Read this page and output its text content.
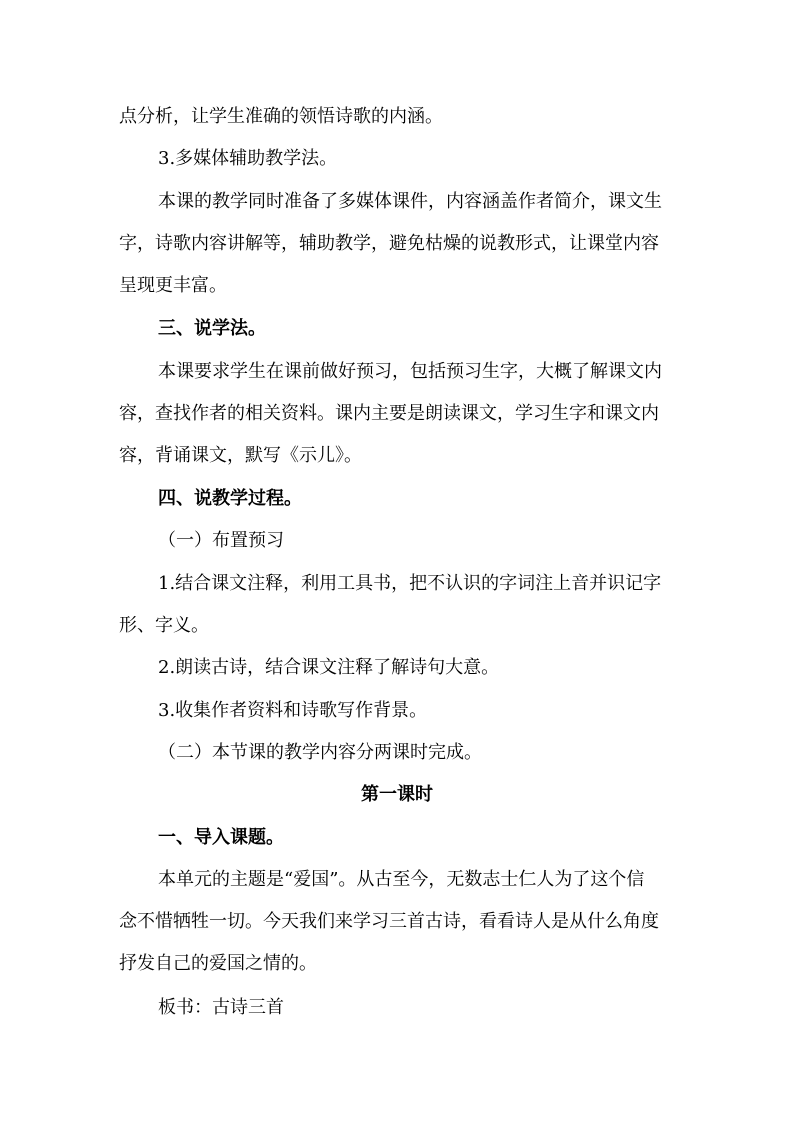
点分析，让学生准确的领悟诗歌的内涵。

3.多媒体辅助教学法。

本课的教学同时准备了多媒体课件，内容涵盖作者简介，课文生
字，诗歌内容讲解等，辅助教学，避免枯燥的说教形式，让课堂内容
呈现更丰富。

三、说学法。

本课要求学生在课前做好预习，包括预习生字，大概了解课文内
容，查找作者的相关资料。课内主要是朗读课文，学习生字和课文内
容，背诵课文，默写《示儿》。

四、说教学过程。

（一）布置预习

1.结合课文注释，利用工具书，把不认识的字词注上音并识记字
形、字义。

2.朗读古诗，结合课文注释了解诗句大意。

3.收集作者资料和诗歌写作背景。

（二）本节课的教学内容分两课时完成。

第一课时

一、导入课题。

本单元的主题是“爱国”。从古至今，无数志士仁人为了这个信
念不惜牺牲一切。今天我们来学习三首古诗，看看诗人是从什么角度
抒发自己的爱国之情的。

板书：古诗三首
